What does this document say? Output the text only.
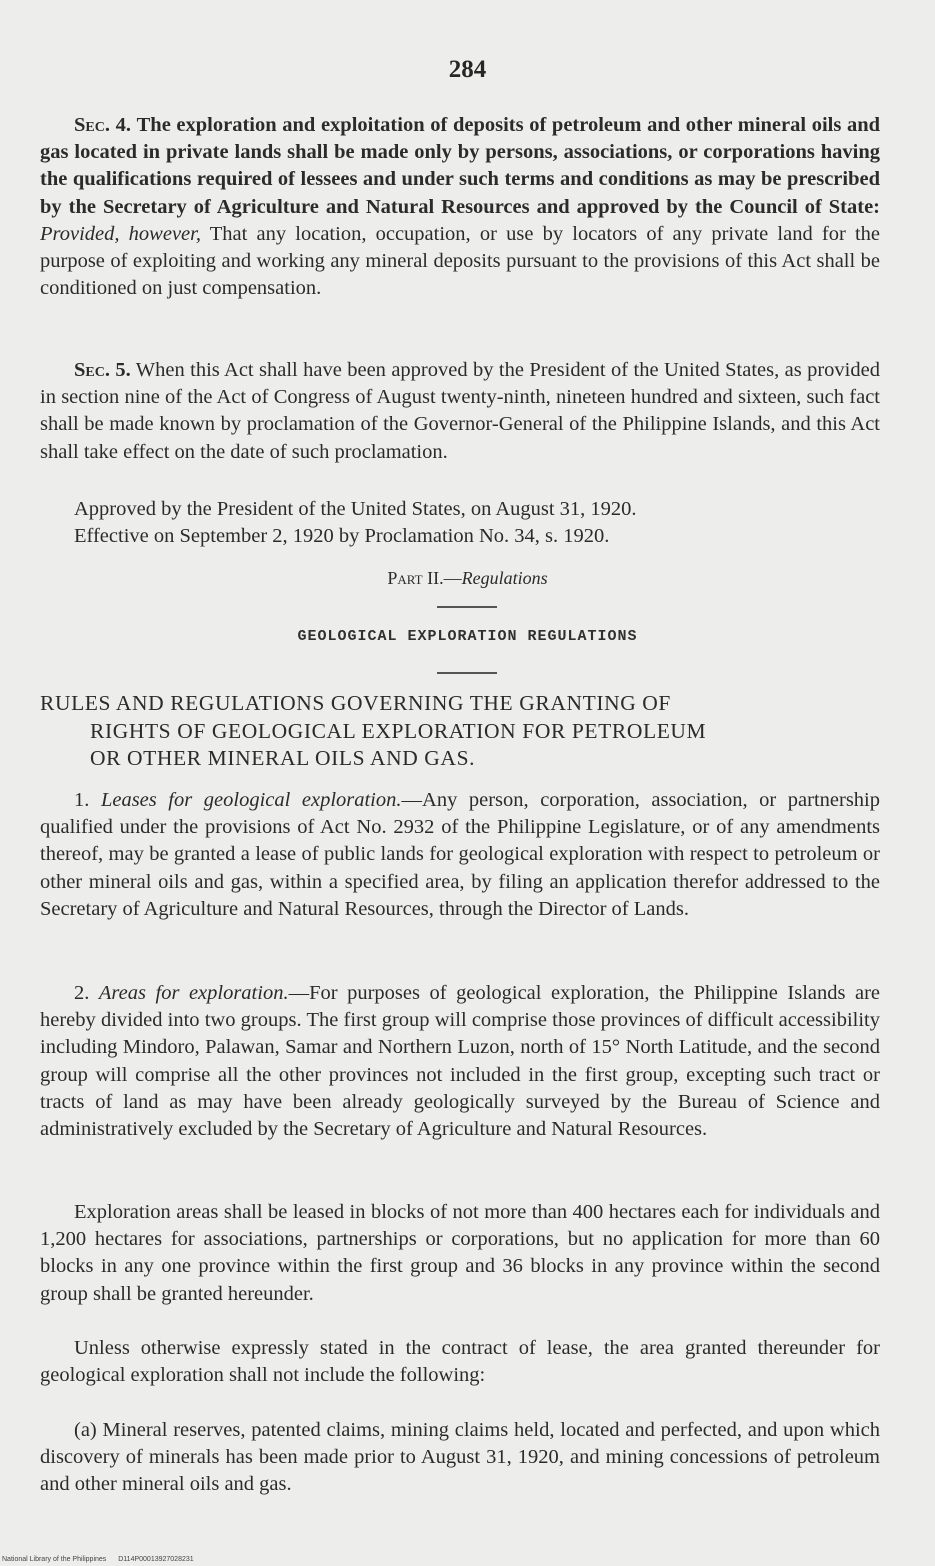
284

Sec. 4. The exploration and exploitation of deposits of petroleum and other mineral oils and gas located in private lands shall be made only by persons, associations, or corporations having the qualifications required of lessees and under such terms and conditions as may be prescribed by the Secretary of Agriculture and Natural Resources and approved by the Council of State: Provided, however, That any location, occupation, or use by locators of any private land for the purpose of exploiting and working any mineral deposits pursuant to the provisions of this Act shall be conditioned on just compensation.

Sec. 5. When this Act shall have been approved by the President of the United States, as provided in section nine of the Act of Congress of August twenty-ninth, nineteen hundred and sixteen, such fact shall be made known by proclamation of the Governor-General of the Philippine Islands, and this Act shall take effect on the date of such proclamation.

Approved by the President of the United States, on August 31, 1920.

Effective on September 2, 1920 by Proclamation No. 34, s. 1920.

Part II.—Regulations
GEOLOGICAL EXPLORATION REGULATIONS
RULES AND REGULATIONS GOVERNING THE GRANTING OF
RIGHTS OF GEOLOGICAL EXPLORATION FOR PETROLEUM
OR OTHER MINERAL OILS AND GAS.

1. Leases for geological exploration.—Any person, corporation, association, or partnership qualified under the provisions of Act No. 2932 of the Philippine Legislature, or of any amendments thereof, may be granted a lease of public lands for geological exploration with respect to petroleum or other mineral oils and gas, within a specified area, by filing an application therefor addressed to the Secretary of Agriculture and Natural Resources, through the Director of Lands.

2. Areas for exploration.—For purposes of geological exploration, the Philippine Islands are hereby divided into two groups. The first group will comprise those provinces of difficult accessibility including Mindoro, Palawan, Samar and Northern Luzon, north of 15° North Latitude, and the second group will comprise all the other provinces not included in the first group, excepting such tract or tracts of land as may have been already geologically surveyed by the Bureau of Science and administratively excluded by the Secretary of Agriculture and Natural Resources.

Exploration areas shall be leased in blocks of not more than 400 hectares each for individuals and 1,200 hectares for associations, partnerships or corporations, but no application for more than 60 blocks in any one province within the first group and 36 blocks in any province within the second group shall be granted hereunder.

Unless otherwise expressly stated in the contract of lease, the area granted thereunder for geological exploration shall not include the following:

(a) Mineral reserves, patented claims, mining claims held, located and perfected, and upon which discovery of minerals has been made prior to August 31, 1920, and mining concessions of petroleum and other mineral oils and gas.

National Library of the Philippines D114P00013927028231
